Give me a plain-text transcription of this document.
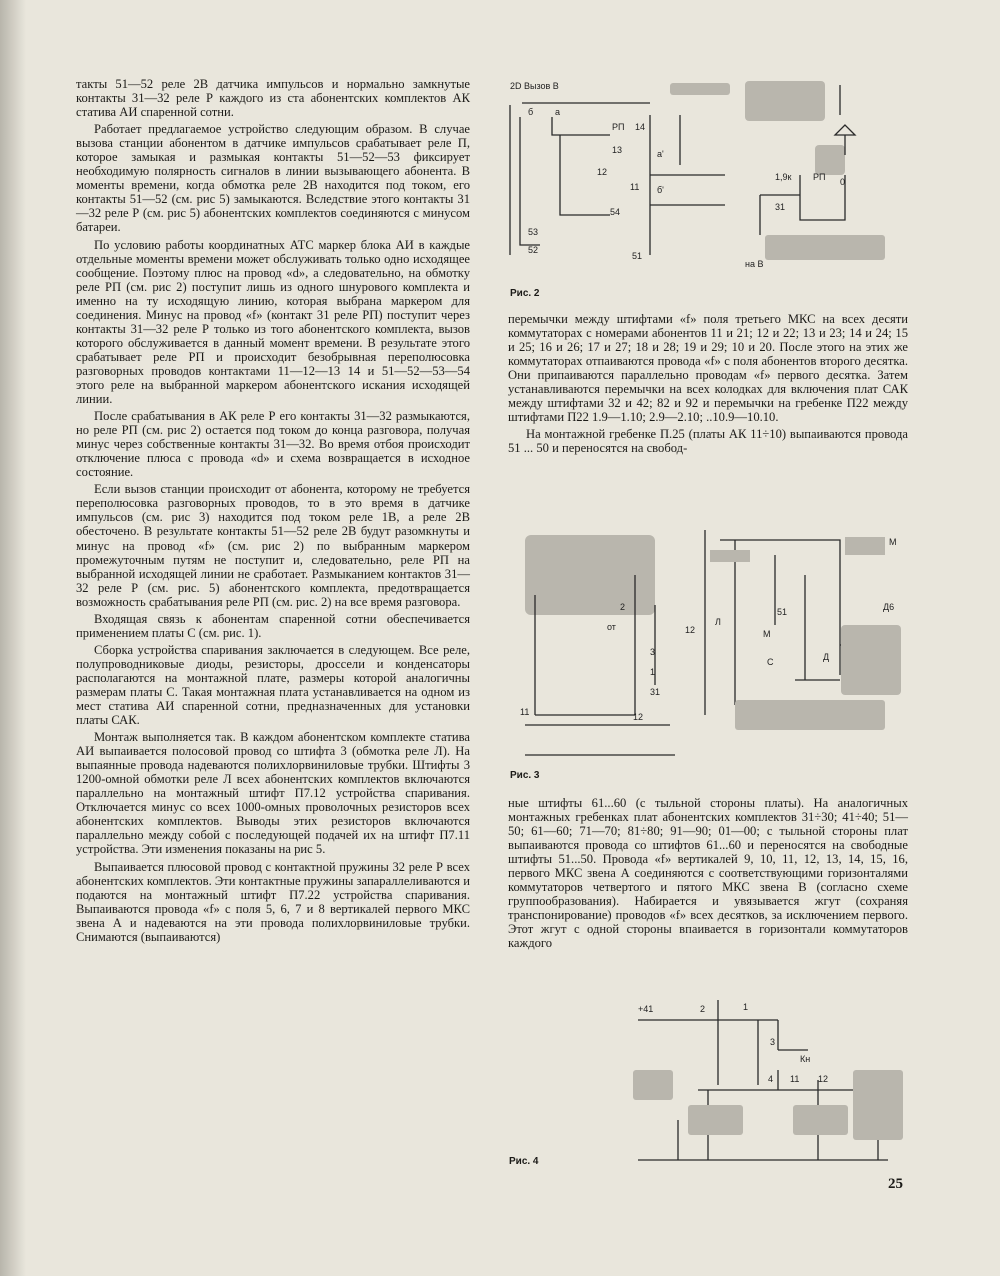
такты 51—52 реле 2В датчика импульсов и нормально замкнутые контакты 31—32 реле Р каждого из ста абонентских комплектов АК статива АИ спаренной сотни.

Работает предлагаемое устройство следующим образом. В случае вызова станции абонентом в датчике импульсов срабатывает реле П, которое замыкая и размыкая контакты 51—52—53 фиксирует необходимую полярность сигналов в линии вызывающего абонента. В моменты времени, когда обмотка реле 2В находится под током, его контакты 51—52 (см. рис 5) замыкаются. Вследствие этого контакты 31—32 реле Р (см. рис 5) абонентских комплектов соединяются с минусом батареи.

По условию работы координатных АТС маркер блока АИ в каждые отдельные моменты времени может обслуживать только одно исходящее сообщение. Поэтому плюс на провод «d», а следовательно, на обмотку реле РП (см. рис 2) поступит лишь из одного шнурового комплекта и именно на ту исходящую линию, которая выбрана маркером для соединения. Минус на провод «f» (контакт 31 реле РП) поступит через контакты 31—32 реле Р только из того абонентского комплекта, вызов которого обслуживается в данный момент времени. В результате этого срабатывает реле РП и происходит безобрывная переполюсовка разговорных проводов контактами 11—12—13 14 и 51—52—53—54 этого реле на выбранной маркером абонентского искания исходящей линии.

После срабатывания в АК реле Р его контакты 31—32 размыкаются, но реле РП (см. рис 2) остается под током до конца разговора, получая минус через собственные контакты 31—32. Во время отбоя происходит отключение плюса с провода «d» и схема возвращается в исходное состояние.

Если вызов станции происходит от абонента, которому не требуется переполюсовка разговорных проводов, то в это время в датчике импульсов (см. рис 3) находится под током реле 1В, а реле 2В обесточено. В результате контакты 51—52 реле 2В будут разомкнуты и минус на провод «f» (см. рис 2) по выбранным маркером промежуточным путям не поступит и, следовательно, реле РП на выбранной исходящей линии не сработает. Размыканием контактов 31—32 реле Р (см. рис. 5) абонентского комплекта, предотвращается возможность срабатывания реле РП (см. рис. 2) на все время разговора.

Входящая связь к абонентам спаренной сотни обеспечивается применением платы С (см. рис. 1).

Сборка устройства спаривания заключается в следующем. Все реле, полупроводниковые диоды, резисторы, дроссели и конденсаторы располагаются на монтажной плате, размеры которой аналогичны размерам платы С. Такая монтажная плата устанавливается на одном из мест статива АИ спаренной сотни, предназначенных для установки платы САК.

Монтаж выполняется так. В каждом абонентском комплекте статива АИ выпаивается полосовой провод со штифта 3 (обмотка реле Л). На выпаянные провода надеваются полихлорвиниловые трубки. Штифты 3 1200-омной обмотки реле Л всех абонентских комплектов включаются параллельно на монтажный штифт П7.12 устройства спаривания. Отключается минус со всех 1000-омных проволочных резисторов всех абонентских комплектов. Выводы этих резисторов включаются параллельно между собой с последующей подачей их на штифт П7.11 устройства. Эти изменения показаны на рис 5.

Выпаивается плюсовой провод с контактной пружины 32 реле Р всех абонентских комплектов. Эти контактные пружины запараллеливаются и подаются на монтажный штифт П7.22 устройства спаривания. Выпаиваются провода «f» с поля 5, 6, 7 и 8 вертикалей первого МКС звена А и надеваются на эти провода полихлорвиниловые трубки. Снимаются (выпаиваются)

2D Вызов В
б а
РП 14
13
12
11
54
53
52
51
а'
б'
1,9к РП 0
31
на В
Рис. 2

перемычки между штифтами «f» поля третьего МКС на всех десяти коммутаторах с номерами абонентов 11 и 21; 12 и 22; 13 и 23; 14 и 24; 15 и 25; 16 и 26; 17 и 27; 18 и 28; 19 и 29; 10 и 20. После этого на этих же коммутаторах отпаиваются провода «f» с поля абонентов второго десятка. Они припаиваются параллельно проводам «f» первого десятка. Затем устанавливаются перемычки на всех колодках для включения плат САК между штифтами 32 и 42; 82 и 92 и перемычки на гребенке П22 между штифтами П22 1.9—1.10; 2.9—2.10; ..10.9—10.10.

На монтажной гребенке П.25 (платы АК 11÷10) выпаиваются провода 51 ... 50 и переносятся на свобод-

12
Л
51
М
М
С	Д
31
11	12
Д6
1
3
от
2
Рис. 3

ные штифты 61...60 (с тыльной стороны платы). На аналогичных монтажных гребенках плат абонентских комплектов 31÷30; 41÷40; 51—50; 61—60; 71—70; 81÷80; 91—90; 01—00; с тыльной стороны плат выпаиваются провода со штифтов 61...60 и переносятся на свободные штифты 51...50. Провода «f» вертикалей 9, 10, 11, 12, 13, 14, 15, 16, первого МКС звена А соединяются с соответствующими горизонталями коммутаторов четвертого и пятого МКС звена В (согласно схеме группообразования). Набирается и увязывается жгут (сохраняя транспонирование) проводов «f» всех десятков, за исключением первого. Этот жгут с одной стороны впаивается в горизонтали коммутаторов каждого

+41	2	1
3
Кн
4 11 12
Рис. 4
25
